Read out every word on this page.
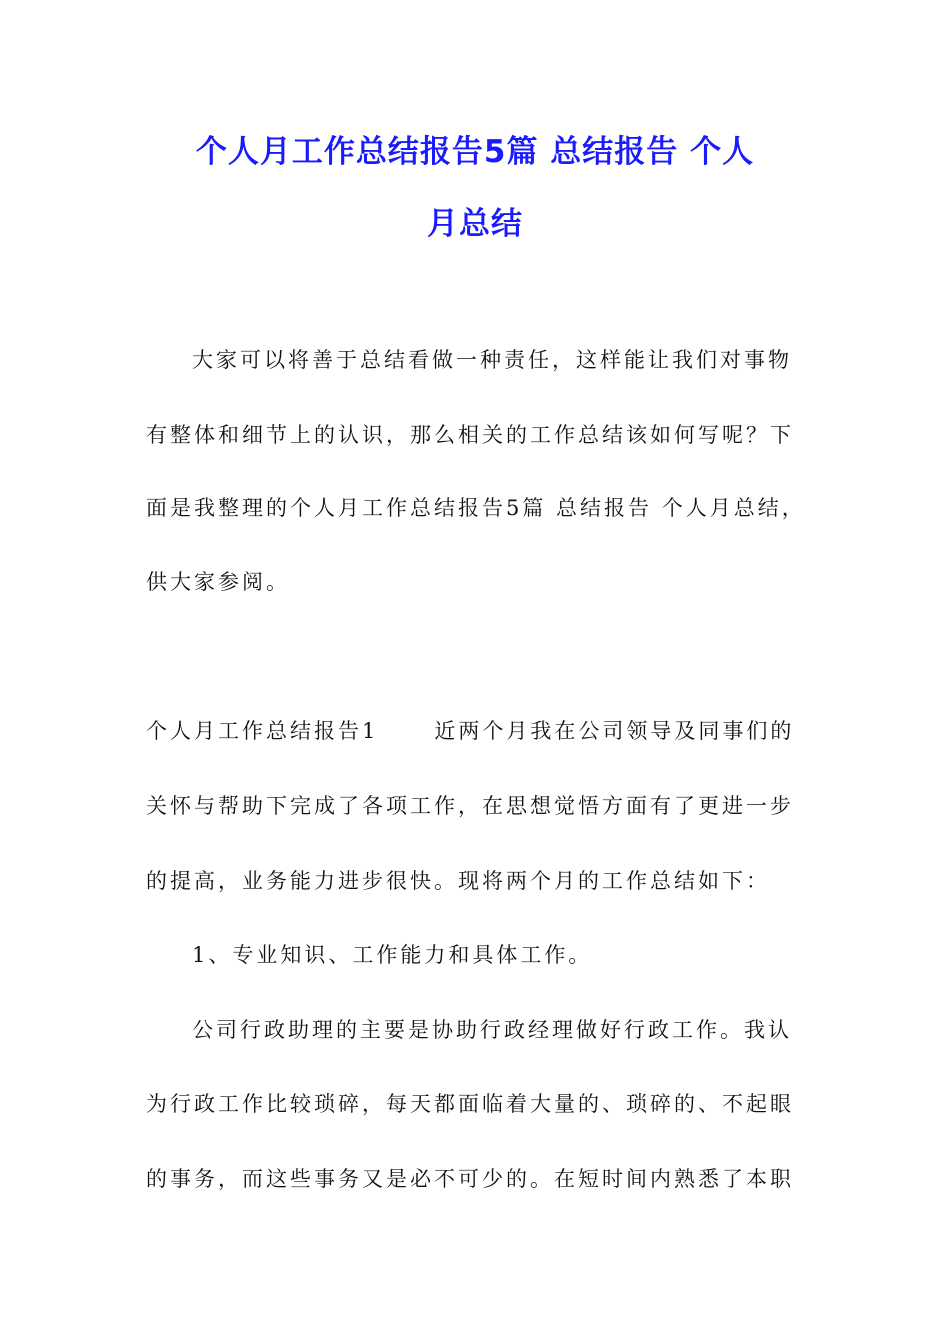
个人月工作总结报告5篇 总结报告 个人
月总结

大家可以将善于总结看做一种责任，这样能让我们对事物

有整体和细节上的认识，那么相关的工作总结该如何写呢？下

面是我整理的个人月工作总结报告5篇 总结报告 个人月总结，

供大家参阅。

个人月工作总结报告1	近两个月我在公司领导及同事们的

关怀与帮助下完成了各项工作，在思想觉悟方面有了更进一步

的提高，业务能力进步很快。现将两个月的工作总结如下：

1、专业知识、工作能力和具体工作。

公司行政助理的主要是协助行政经理做好行政工作。我认

为行政工作比较琐碎，每天都面临着大量的、琐碎的、不起眼

的事务，而这些事务又是必不可少的。在短时间内熟悉了本职
